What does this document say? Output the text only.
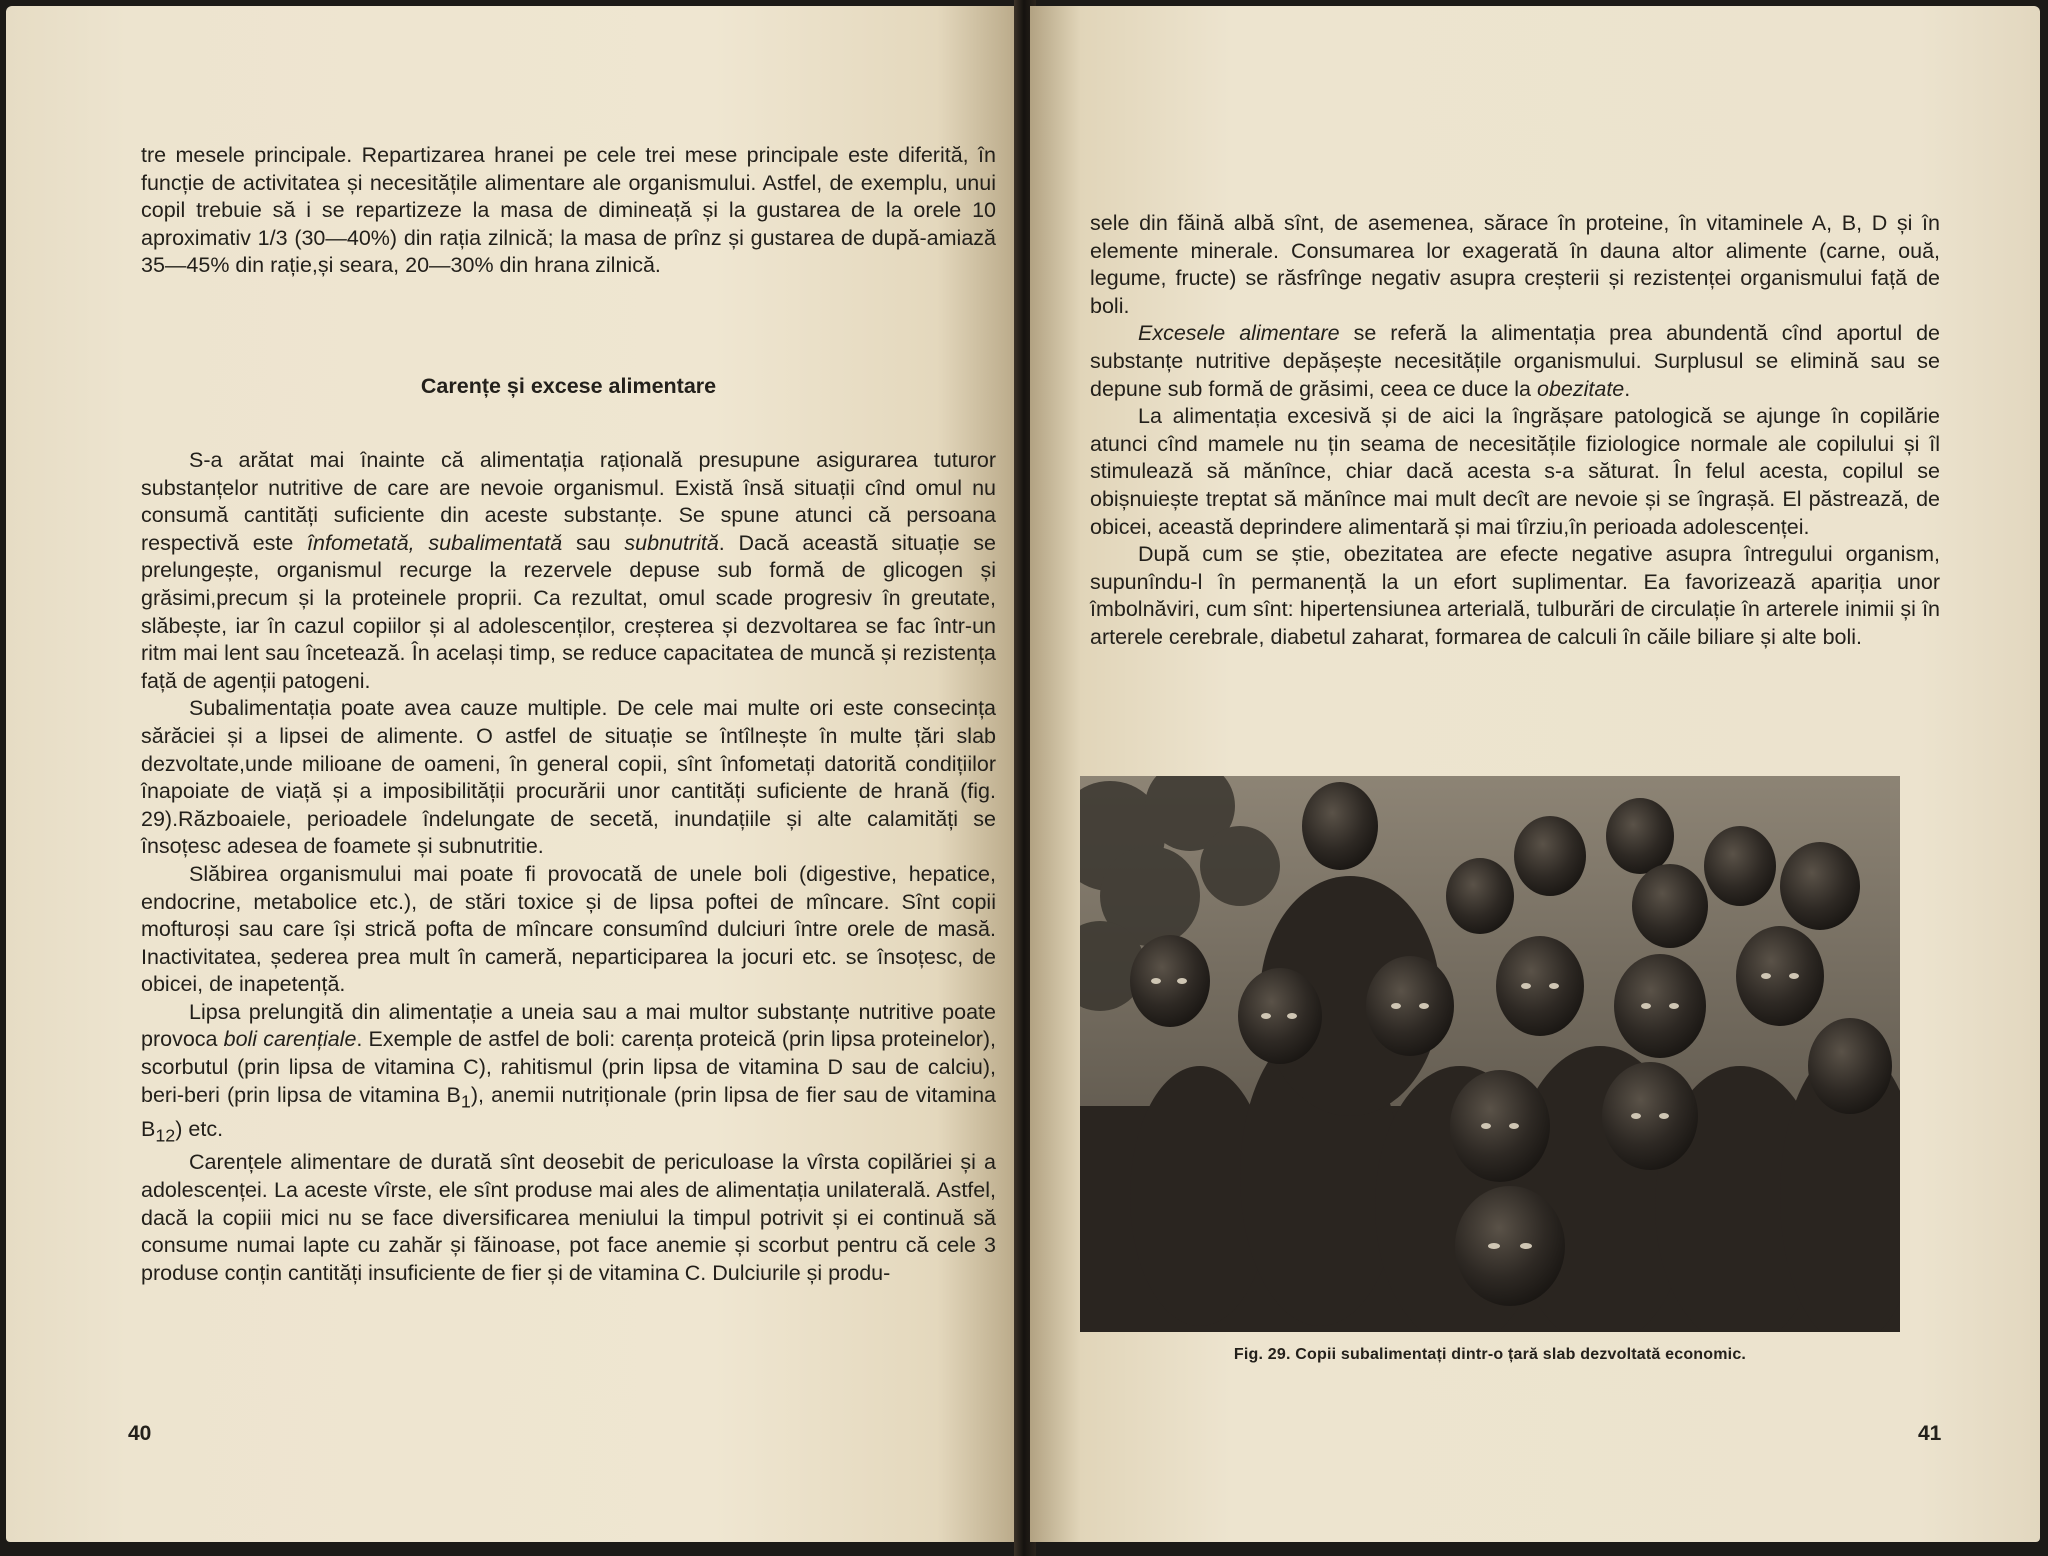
tre mesele principale. Repartizarea hranei pe cele trei mese principale este diferită, în funcție de activitatea și necesitățile alimentare ale organismului. Astfel, de exemplu, unui copil trebuie să i se repartizeze la masa de dimineață și la gustarea de la orele 10 aproximativ 1/3 (30—40%) din rația zilnică; la masa de prînz și gustarea de după-amiază 35—45% din rație,și seara, 20—30% din hrana zilnică.

Carențe și excese alimentare

S-a arătat mai înainte că alimentația rațională presupune asigurarea tuturor substanțelor nutritive de care are nevoie organismul. Există însă situații cînd omul nu consumă cantități suficiente din aceste substanțe. Se spune atunci că persoana respectivă este înfometată, subalimentată sau subnutrită. Dacă această situație se prelungește, organismul recurge la rezervele depuse sub formă de glicogen și grăsimi,precum și la proteinele proprii. Ca rezultat, omul scade progresiv în greutate, slăbește, iar în cazul copiilor și al adolescenților, creșterea și dezvoltarea se fac într-un ritm mai lent sau încetează. În același timp, se reduce capacitatea de muncă și rezistența față de agenții patogeni.

Subalimentația poate avea cauze multiple. De cele mai multe ori este consecința sărăciei și a lipsei de alimente. O astfel de situație se întîlnește în multe țări slab dezvoltate,unde milioane de oameni, în general copii, sînt înfometați datorită condițiilor înapoiate de viață și a imposibilității procurării unor cantități suficiente de hrană (fig. 29).Războaiele, perioadele îndelungate de secetă, inundațiile și alte calamități se însoțesc adesea de foamete și subnutritie.

Slăbirea organismului mai poate fi provocată de unele boli (digestive, hepatice, endocrine, metabolice etc.), de stări toxice și de lipsa poftei de mîncare. Sînt copii mofturoși sau care își strică pofta de mîncare consumînd dulciuri între orele de masă. Inactivitatea, șederea prea mult în cameră, neparticiparea la jocuri etc. se însoțesc, de obicei, de inapetență.

Lipsa prelungită din alimentație a uneia sau a mai multor substanțe nutritive poate provoca boli carențiale. Exemple de astfel de boli: carența proteică (prin lipsa proteinelor), scorbutul (prin lipsa de vitamina C), rahitismul (prin lipsa de vitamina D sau de calciu), beri-beri (prin lipsa de vitamina $B_1$), anemii nutriționale (prin lipsa de fier sau de vitamina $B_{12}$) etc.

Carențele alimentare de durată sînt deosebit de periculoase la vîrsta copilăriei și a adolescenței. La aceste vîrste, ele sînt produse mai ales de alimentația unilaterală. Astfel, dacă la copiii mici nu se face diversificarea meniului la timpul potrivit și ei continuă să consume numai lapte cu zahăr și făinoase, pot face anemie și scorbut pentru că cele 3 produse conțin cantități insuficiente de fier și de vitamina C. Dulciurile și produ-

40

sele din făină albă sînt, de asemenea, sărace în proteine, în vitaminele A, B, D și în elemente minerale. Consumarea lor exagerată în dauna altor alimente (carne, ouă, legume, fructe) se răsfrînge negativ asupra creșterii și rezistenței organismului față de boli.

Excesele alimentare se referă la alimentația prea abundentă cînd aportul de substanțe nutritive depășește necesitățile organismului. Surplusul se elimină sau se depune sub formă de grăsimi, ceea ce duce la obezitate.

La alimentația excesivă și de aici la îngrășare patologică se ajunge în copilărie atunci cînd mamele nu țin seama de necesitățile fiziologice normale ale copilului și îl stimulează să mănînce, chiar dacă acesta s-a săturat. În felul acesta, copilul se obișnuiește treptat să mănînce mai mult decît are nevoie și se îngrașă. El păstrează, de obicei, această deprindere alimentară și mai tîrziu,în perioada adolescenței.

După cum se știe, obezitatea are efecte negative asupra întregului organism, supunîndu-l în permanență la un efort suplimentar. Ea favorizează apariția unor îmbolnăviri, cum sînt: hipertensiunea arterială, tulburări de circulație în arterele inimii și în arterele cerebrale, diabetul zaharat, formarea de calculi în căile biliare și alte boli.

Fig. 29. Copii subalimentați dintr-o țară slab dezvoltată economic.
41
